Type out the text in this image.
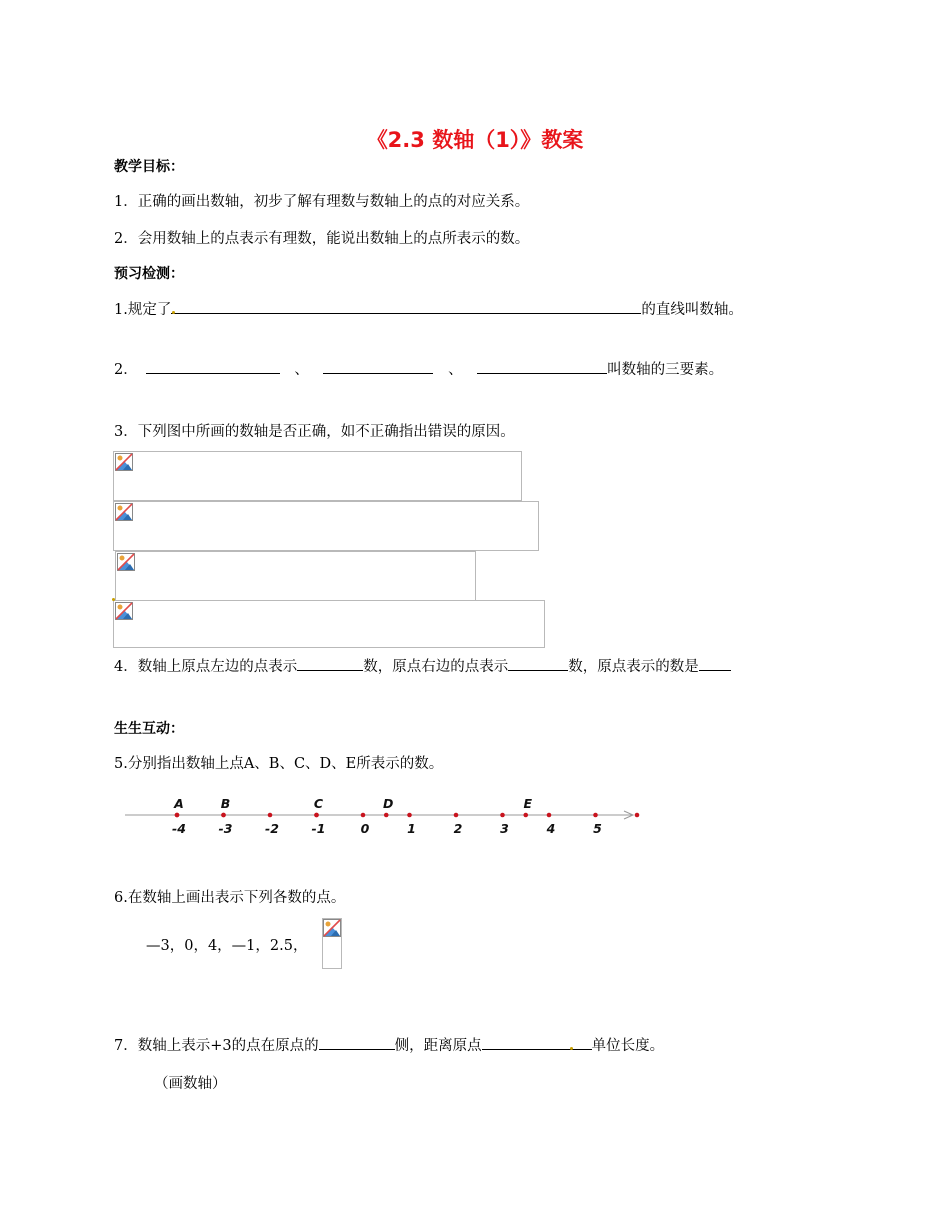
《2.3 数轴（1）》教案
教学目标：
1．正确的画出数轴，初步了解有理数与数轴上的点的对应关系。
2．会用数轴上的点表示有理数，能说出数轴上的点所表示的数。
预习检测：
1.规定了	的直线叫数轴。
2．	、	、	叫数轴的三要素。
3．下列图中所画的数轴是否正确，如不正确指出错误的原因。
4．数轴上原点左边的点表示	数，原点右边的点表示	数，原点表示的数是
生生互动：
5.分别指出数轴上点A、B、C、D、E所表示的数。
-4	-3	-2	-1	0	1	2	3	4	5
A	B	C	D	E
6.在数轴上画出表示下列各数的点。
—3，0，4，—1，2.5，
7．数轴上表示+3的点在原点的	侧，距离原点	单位长度。
（画数轴）
